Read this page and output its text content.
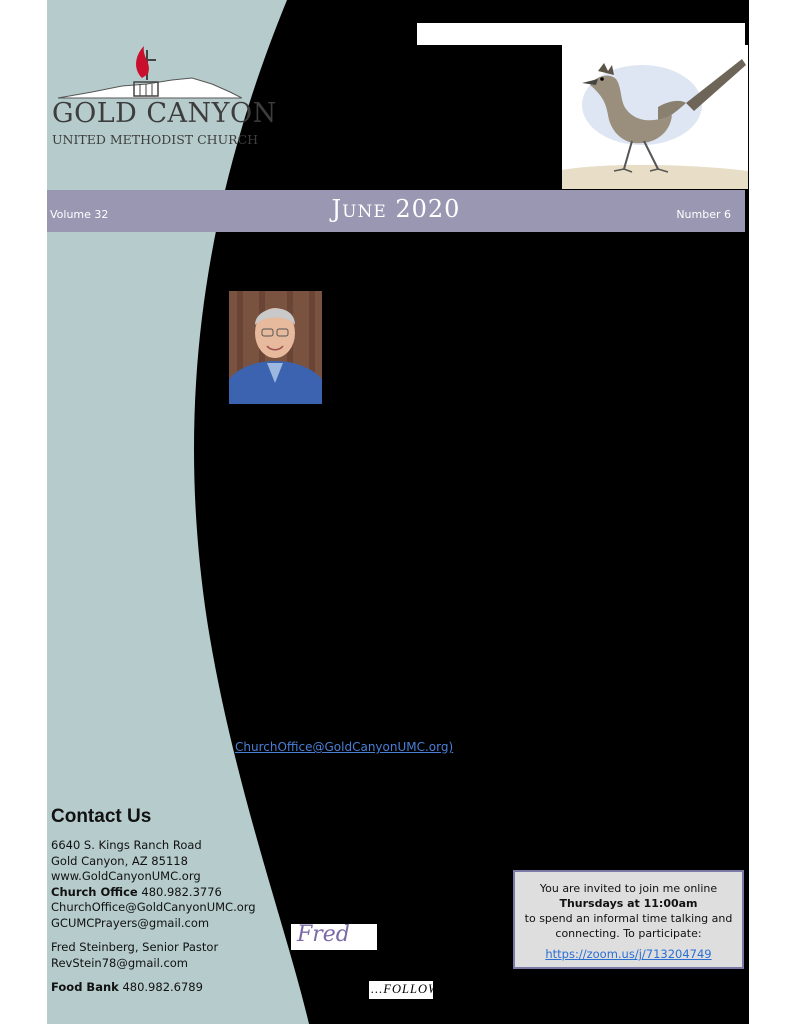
GOLD CANYON
UNITED METHODIST CHURCH
Volume 32	June 2020	Number 6
ChurchOffice@GoldCanyonUMC.org)
Contact Us
6640 S. Kings Ranch Road
Gold Canyon, AZ 85118
www.GoldCanyonUMC.org
Church Office 480.982.3776
ChurchOffice@GoldCanyonUMC.org
GCUMCPrayers@gmail.com
Fred Steinberg, Senior Pastor
RevStein78@gmail.com
Food Bank 480.982.6789
Fred
...FOLLOW
You are invited to join me online
Thursdays at 11:00am
to spend an informal time talking and
connecting. To participate:
https://zoom.us/j/713204749
